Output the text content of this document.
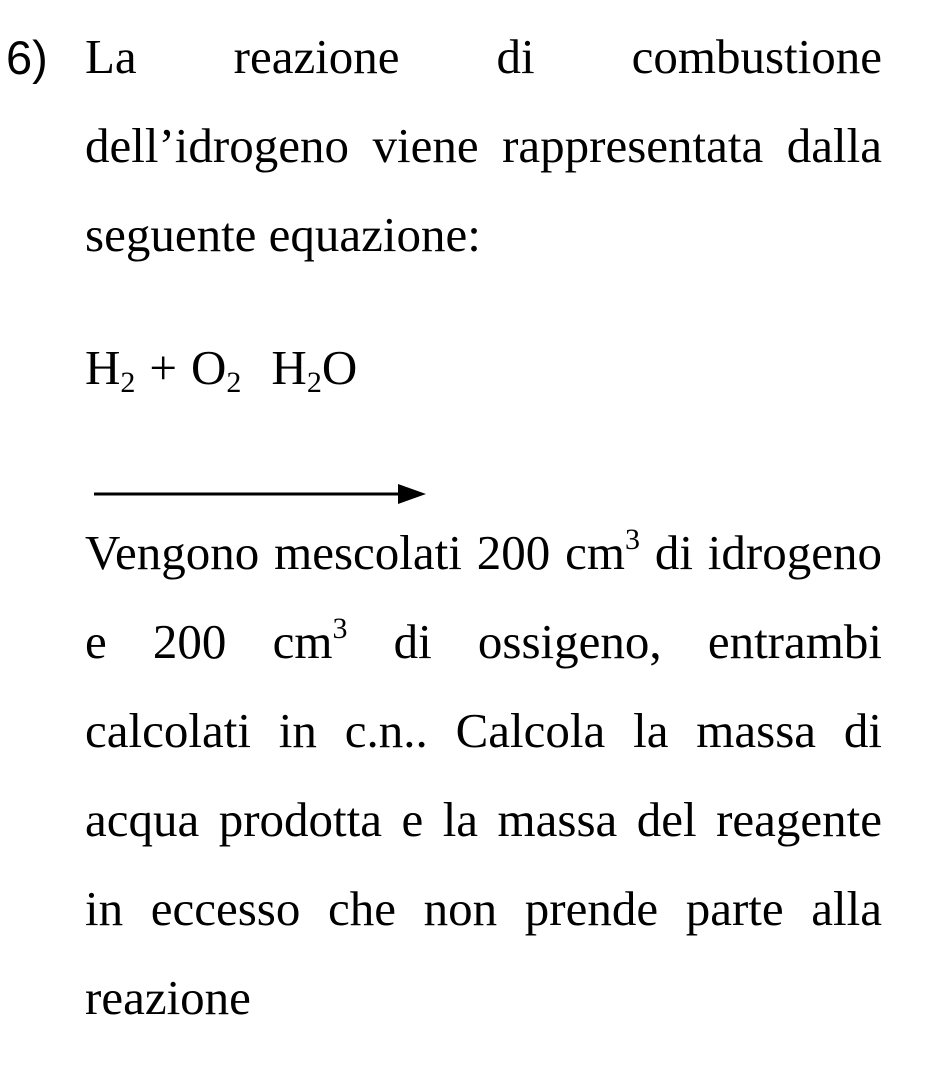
6) La reazione di combustione dell’idrogeno viene rappresentata dalla seguente equazione:
$H_2 + O_2$ $H_2O$
Vengono mescolati 200 $cm^3$ di idrogeno e 200 $cm^3$ di ossigeno, entrambi calcolati in c.n.. Calcola la massa di acqua prodotta e la massa del reagente in eccesso che non prende parte alla reazione
